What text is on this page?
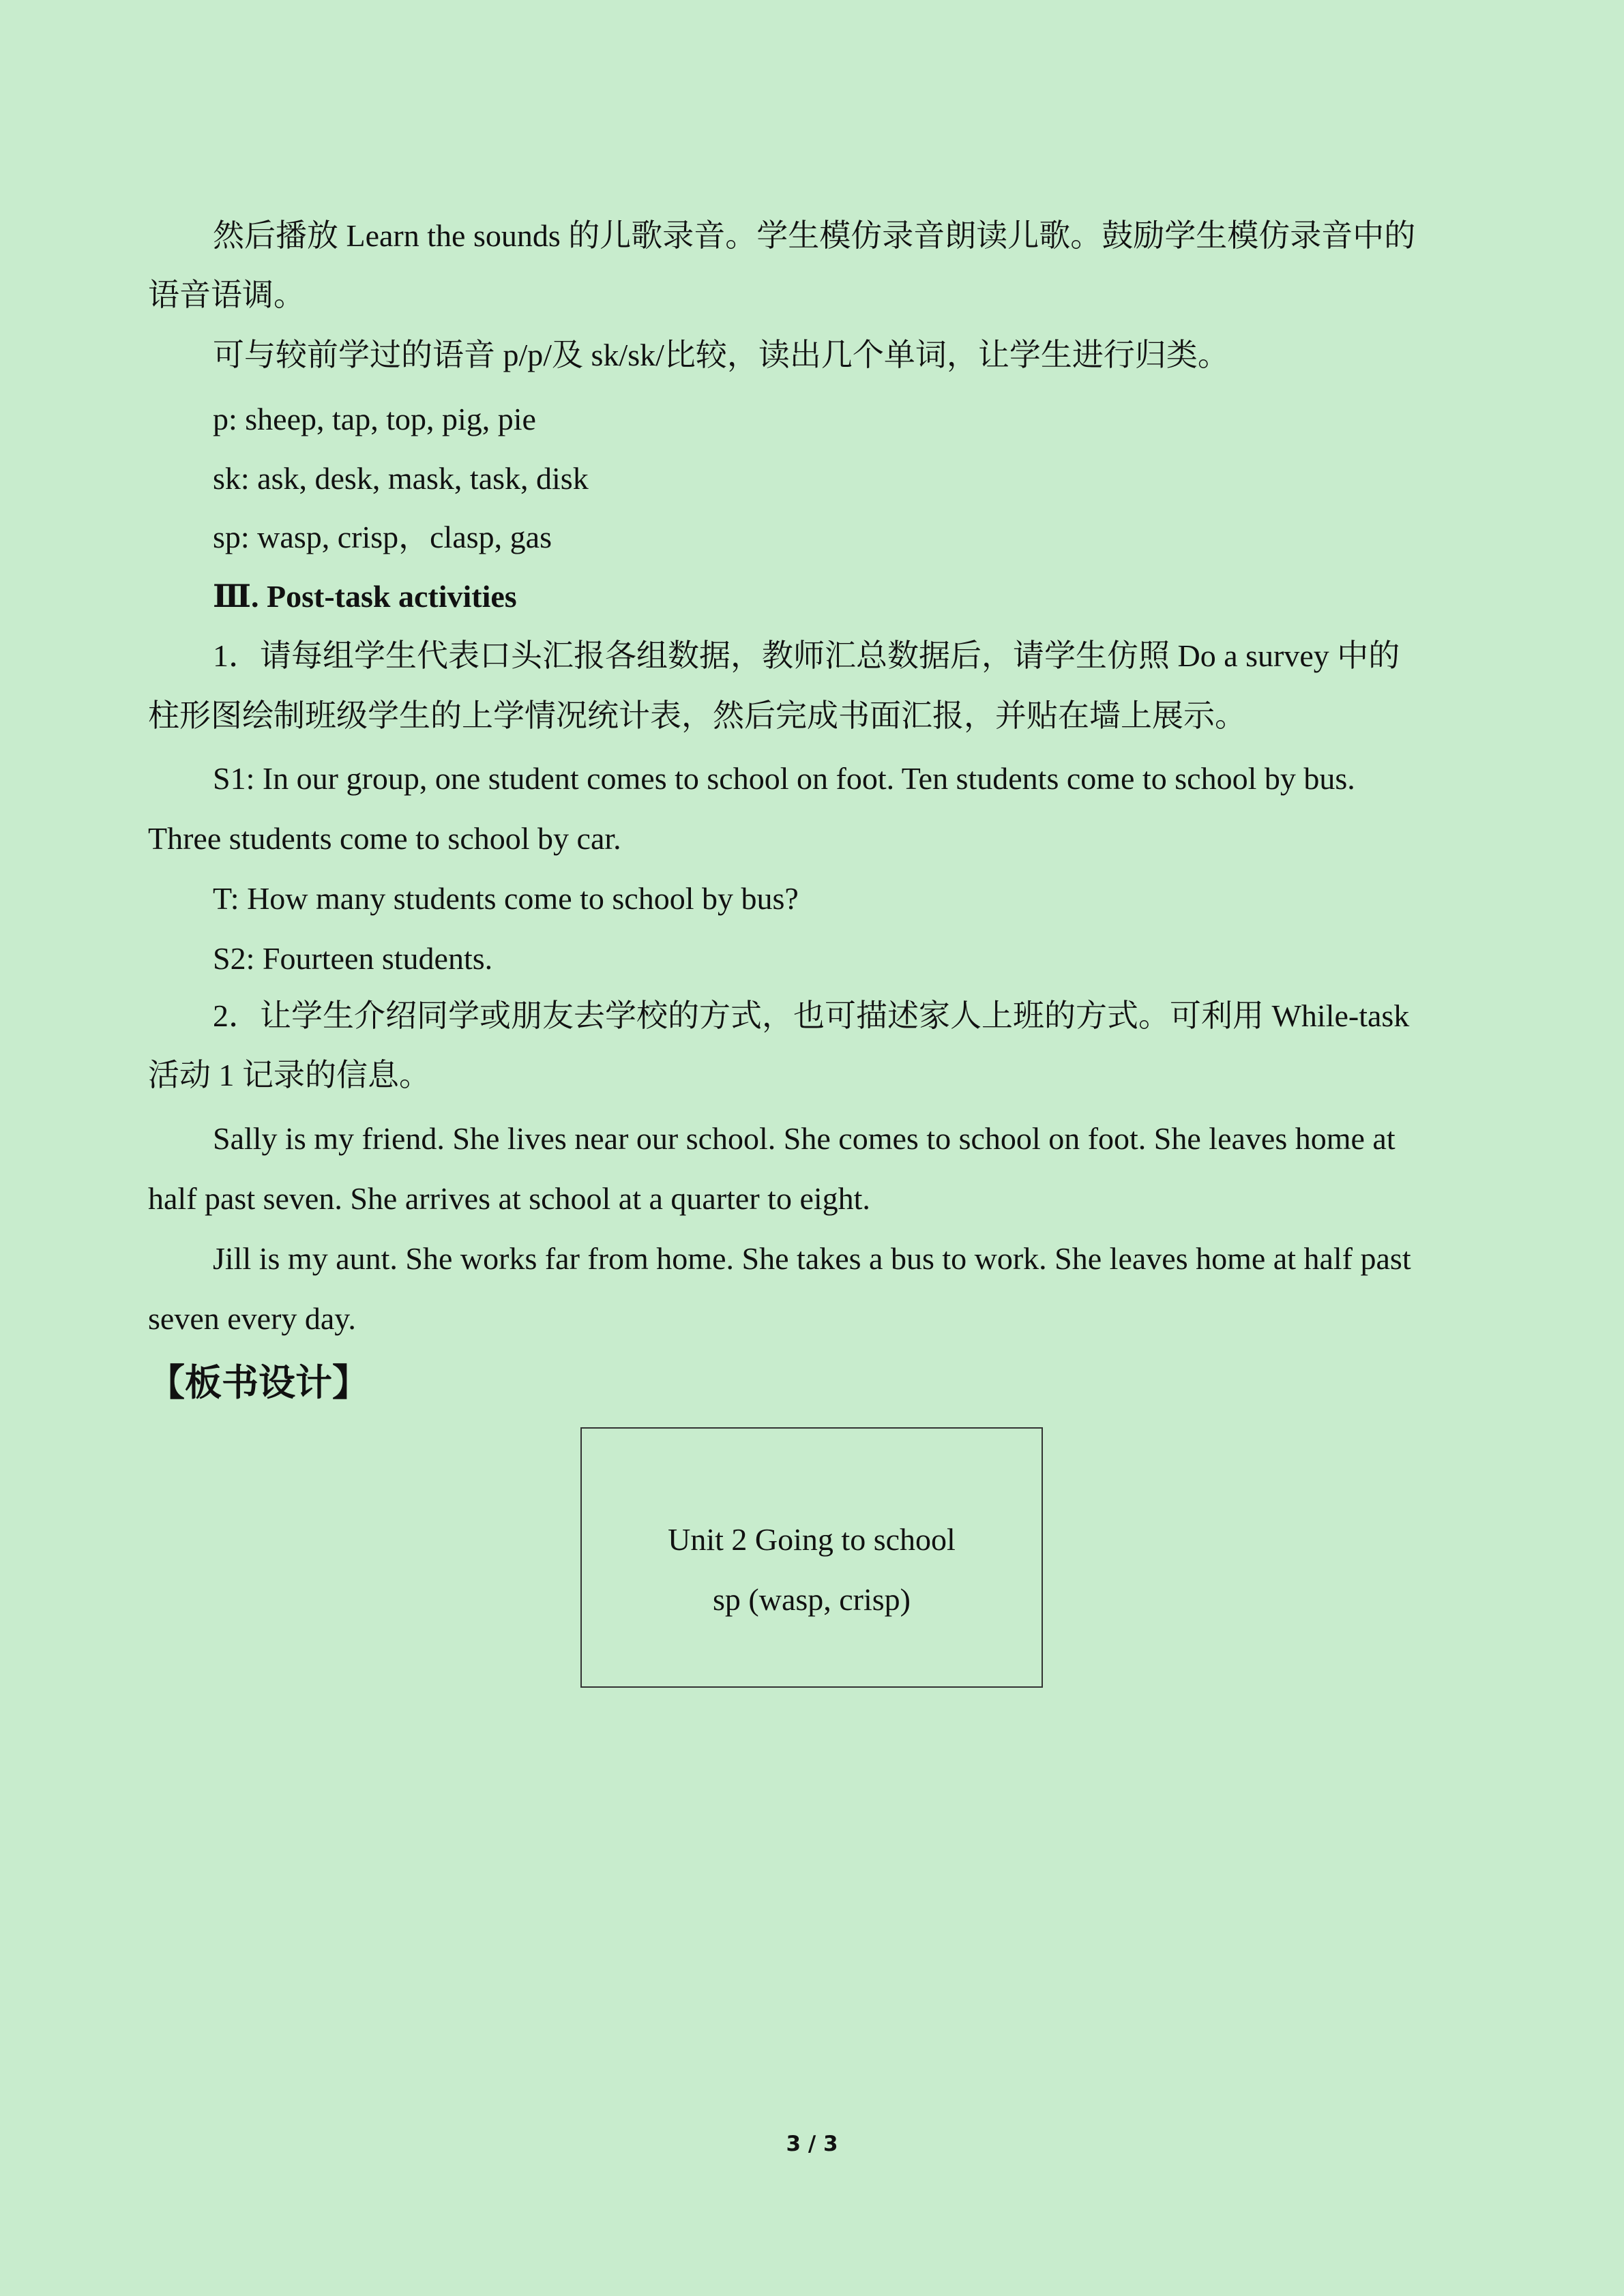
然后播放 Learn the sounds 的儿歌录音。学生模仿录音朗读儿歌。鼓励学生模仿录音中的
语音语调。
可与较前学过的语音 p/p/及 sk/sk/比较，读出几个单词，让学生进行归类。
p: sheep, tap, top, pig, pie
sk: ask, desk, mask, task, disk
sp: wasp, crisp，clasp, gas
Ⅲ. Post-task activities
1．请每组学生代表口头汇报各组数据，教师汇总数据后，请学生仿照 Do a survey 中的
柱形图绘制班级学生的上学情况统计表，然后完成书面汇报，并贴在墙上展示。
S1: In our group, one student comes to school on foot. Ten students come to school by bus.
Three students come to school by car.
T: How many students come to school by bus?
S2: Fourteen students.
2．让学生介绍同学或朋友去学校的方式，也可描述家人上班的方式。可利用 While-task
活动 1 记录的信息。
Sally is my friend. She lives near our school. She comes to school on foot. She leaves home at
half past seven. She arrives at school at a quarter to eight.
Jill is my aunt. She works far from home. She takes a bus to work. She leaves home at half past
seven every day.
【板书设计】
Unit 2 Going to school
sp (wasp, crisp)
3 / 3
